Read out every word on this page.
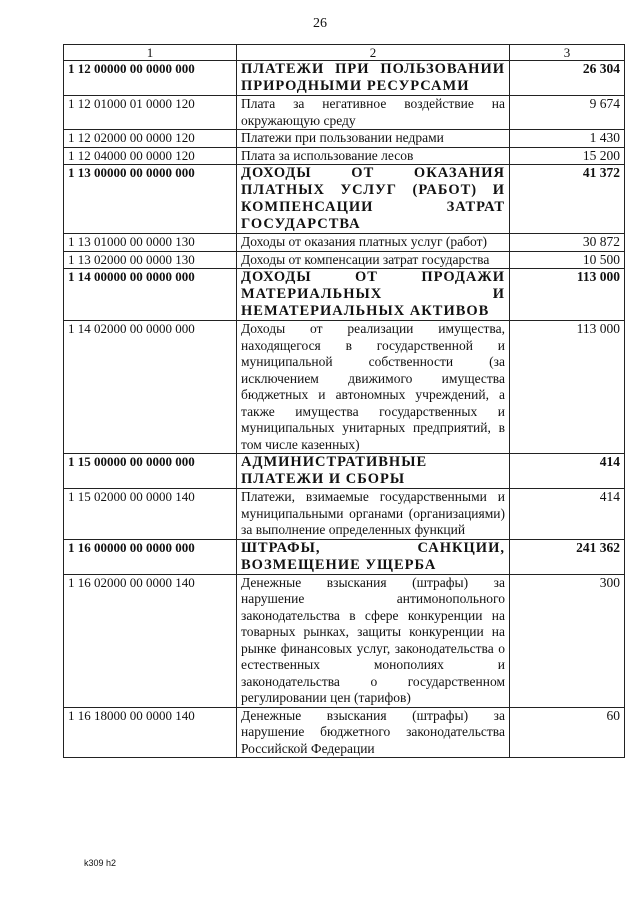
26
1	2	3
1 12 00000 00 0000 000	ПЛАТЕЖИ ПРИ ПОЛЬЗОВАНИИ ПРИРОДНЫМИ РЕСУРСАМИ	26 304
1 12 01000 01 0000 120	Плата за негативное воздействие на окружающую среду	9 674
1 12 02000 00 0000 120	Платежи при пользовании недрами	1 430
1 12 04000 00 0000 120	Плата за использование лесов	15 200
1 13 00000 00 0000 000	ДОХОДЫ ОТ ОКАЗАНИЯ ПЛАТНЫХ УСЛУГ (РАБОТ) И КОМПЕНСАЦИИ ЗАТРАТ ГОСУДАРСТВА	41 372
1 13 01000 00 0000 130	Доходы от оказания платных услуг (работ)	30 872
1 13 02000 00 0000 130	Доходы от компенсации затрат государства	10 500
1 14 00000 00 0000 000	ДОХОДЫ ОТ ПРОДАЖИ МАТЕРИАЛЬНЫХ И НЕМАТЕРИАЛЬНЫХ АКТИВОВ	113 000
1 14 02000 00 0000 000	Доходы от реализации имущества, находящегося в государственной и муниципальной собственности (за исключением движимого имущества бюджетных и автономных учреждений, а также имущества государственных и муниципальных унитарных предприятий, в том числе казенных)	113 000
1 15 00000 00 0000 000	АДМИНИСТРАТИВНЫЕ ПЛАТЕЖИ И СБОРЫ	414
1 15 02000 00 0000 140	Платежи, взимаемые государственными и муниципальными органами (организациями) за выполнение определенных функций	414
1 16 00000 00 0000 000	ШТРАФЫ, САНКЦИИ, ВОЗМЕЩЕНИЕ УЩЕРБА	241 362
1 16 02000 00 0000 140	Денежные взыскания (штрафы) за нарушение антимонопольного законодательства в сфере конкуренции на товарных рынках, защиты конкуренции на рынке финансовых услуг, законодательства о естественных монополиях и законодательства о государственном регулировании цен (тарифов)	300
1 16 18000 00 0000 140	Денежные взыскания (штрафы) за нарушение бюджетного законодательства Российской Федерации	60
k309 h2
